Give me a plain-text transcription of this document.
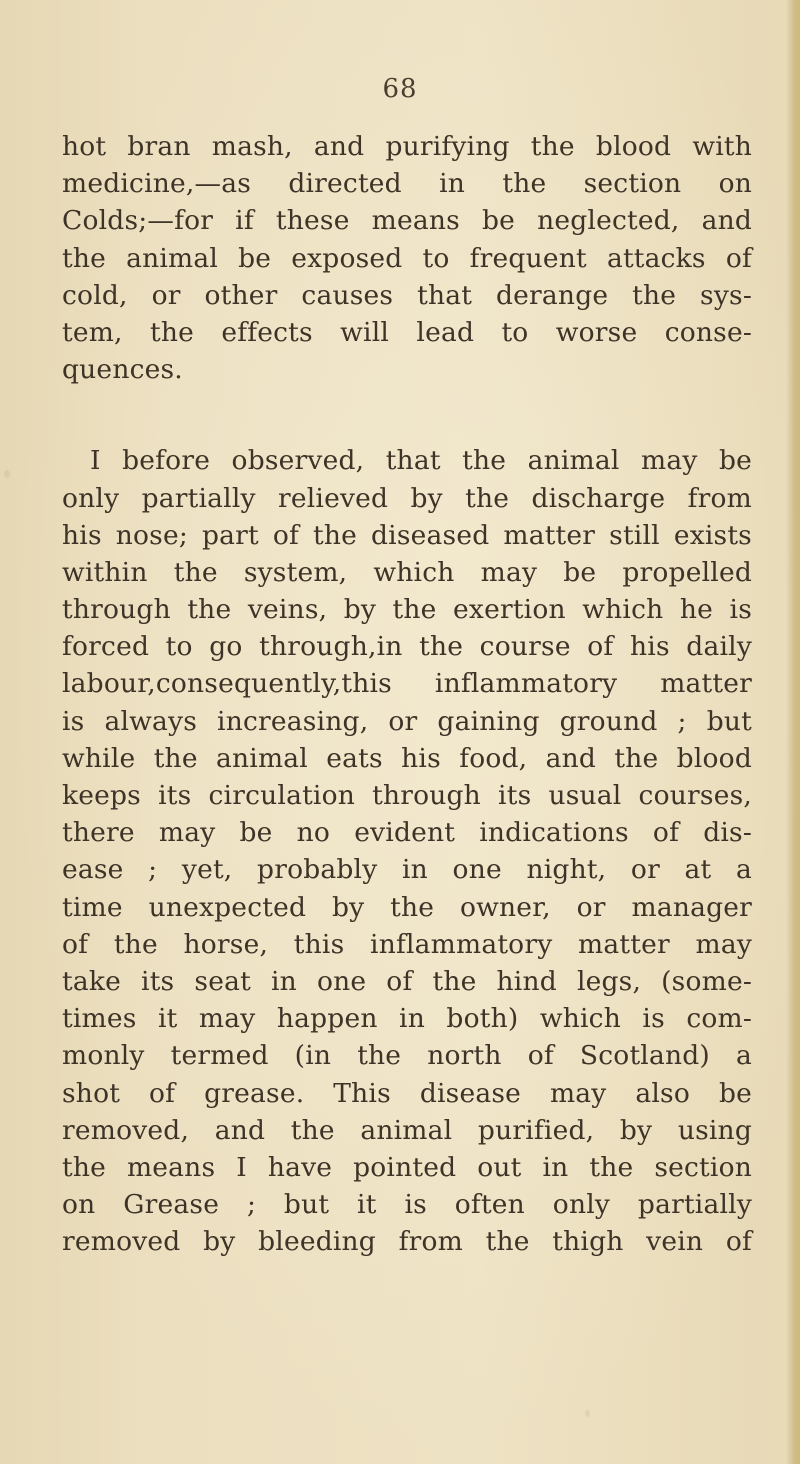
68

hot bran mash, and purifying the blood with
medicine,—as directed in the section on
Colds;—for if these means be neglected, and
the animal be exposed to frequent attacks of
cold, or other causes that derange the sys-
tem, the effects will lead to worse conse-
quences.

I before observed, that the animal may be
only partially relieved by the discharge from
his nose; part of the diseased matter still exists
within the system, which may be propelled
through the veins, by the exertion which he is
forced to go through,in the course of his daily
labour,consequently,this inflammatory matter
is always increasing, or gaining ground ; but
while the animal eats his food, and the blood
keeps its circulation through its usual courses,
there may be no evident indications of dis-
ease ; yet, probably in one night, or at a
time unexpected by the owner, or manager
of the horse, this inflammatory matter may
take its seat in one of the hind legs, (some-
times it may happen in both) which is com-
monly termed (in the north of Scotland) a
shot of grease. This disease may also be
removed, and the animal purified, by using
the means I have pointed out in the section
on Grease ; but it is often only partially
removed by bleeding from the thigh vein of
